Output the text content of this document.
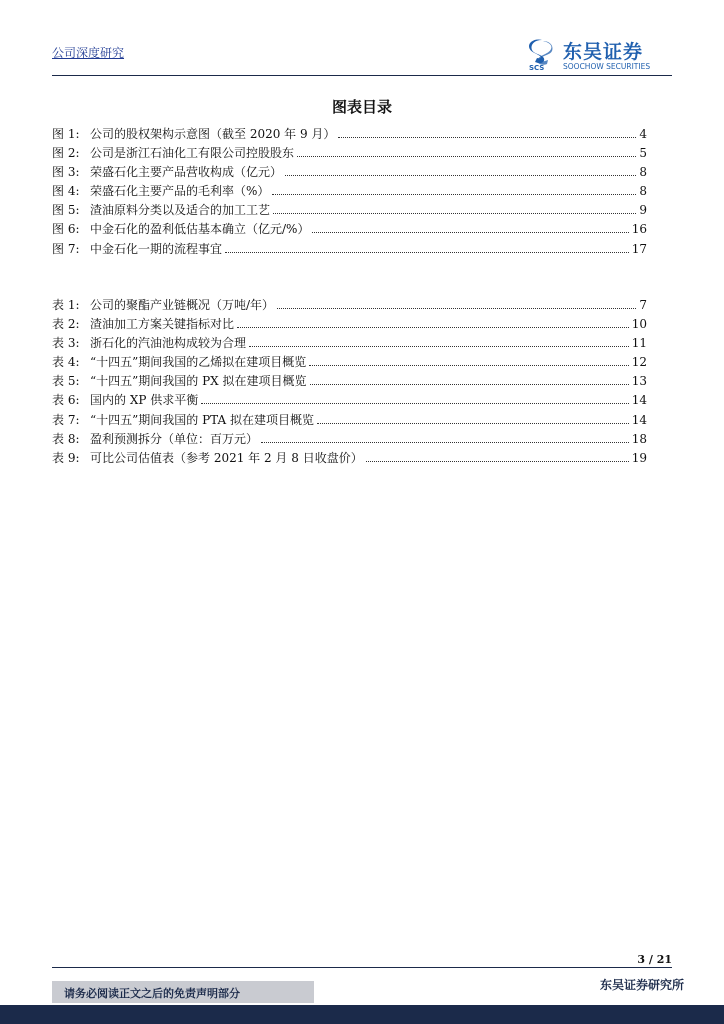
公司深度研究
SCS
东吴证券
SOOCHOW SECURITIES
图表目录
图 1: 公司的股权架构示意图（截至 2020 年 9 月）	4
图 2: 公司是浙江石油化工有限公司控股股东	5
图 3: 荣盛石化主要产品营收构成（亿元）	8
图 4: 荣盛石化主要产品的毛利率（%）	8
图 5: 渣油原料分类以及适合的加工工艺	9
图 6: 中金石化的盈利低估基本确立（亿元/%）	16
图 7: 中金石化一期的流程事宜	17
表 1: 公司的聚酯产业链概况（万吨/年）	7
表 2: 渣油加工方案关键指标对比	10
表 3: 浙石化的汽油池构成较为合理	11
表 4: “十四五”期间我国的乙烯拟在建项目概览	12
表 5: “十四五”期间我国的 PX 拟在建项目概览	13
表 6: 国内的 XP 供求平衡	14
表 7: “十四五”期间我国的 PTA 拟在建项目概览	14
表 8: 盈利预测拆分（单位：百万元）	18
表 9: 可比公司估值表（参考 2021 年 2 月 8 日收盘价）	19
3 / 21
请务必阅读正文之后的免责声明部分
东吴证券研究所
